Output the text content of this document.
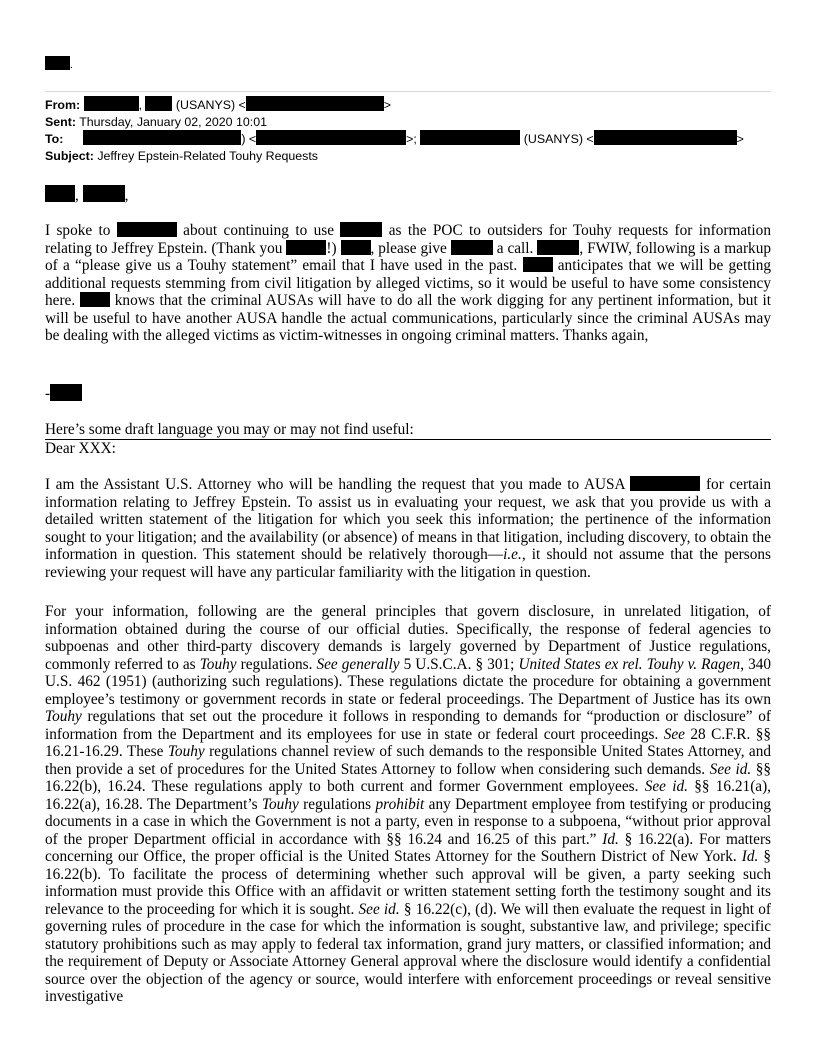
.
From:	,  (USANYS) <	>
Sent: Thursday, January 02, 2020 10:01
To:	) <	>;	(USANYS) <	>
Subject: Jeffrey Epstein-Related Touhy Requests
,	,
I spoke to	about continuing to use	as the POC to outsiders for Touhy requests for information relating to Jeffrey Epstein. (Thank you	!) , please give	a call.	, FWIW, following is a markup of a “please give us a Touhy statement” email that I have used in the past.	anticipates that we will be getting additional requests stemming from civil litigation by alleged victims, so it would be useful to have some consistency here.	knows that the criminal AUSAs will have to do all the work digging for any pertinent information, but it will be useful to have another AUSA handle the actual communications, particularly since the criminal AUSAs may be dealing with the alleged victims as victim-witnesses in ongoing criminal matters. Thanks again,
-
Here’s some draft language you may or may not find useful:
Dear XXX:
I am the Assistant U.S. Attorney who will be handling the request that you made to AUSA	for certain information relating to Jeffrey Epstein. To assist us in evaluating your request, we ask that you provide us with a detailed written statement of the litigation for which you seek this information; the pertinence of the information sought to your litigation; and the availability (or absence) of means in that litigation, including discovery, to obtain the information in question. This statement should be relatively thorough—i.e., it should not assume that the persons reviewing your request will have any particular familiarity with the litigation in question.
For your information, following are the general principles that govern disclosure, in unrelated litigation, of information obtained during the course of our official duties. Specifically, the response of federal agencies to subpoenas and other third-party discovery demands is largely governed by Department of Justice regulations, commonly referred to as Touhy regulations. See generally 5 U.S.C.A. § 301; United States ex rel. Touhy v. Ragen, 340 U.S. 462 (1951) (authorizing such regulations). These regulations dictate the procedure for obtaining a government employee’s testimony or government records in state or federal proceedings. The Department of Justice has its own Touhy regulations that set out the procedure it follows in responding to demands for “production or disclosure” of information from the Department and its employees for use in state or federal court proceedings. See 28 C.F.R. §§ 16.21-16.29. These Touhy regulations channel review of such demands to the responsible United States Attorney, and then provide a set of procedures for the United States Attorney to follow when considering such demands. See id. §§ 16.22(b), 16.24. These regulations apply to both current and former Government employees. See id. §§ 16.21(a), 16.22(a), 16.28. The Department’s Touhy regulations prohibit any Department employee from testifying or producing documents in a case in which the Government is not a party, even in response to a subpoena, “without prior approval of the proper Department official in accordance with §§ 16.24 and 16.25 of this part.” Id. § 16.22(a). For matters concerning our Office, the proper official is the United States Attorney for the Southern District of New York. Id. § 16.22(b). To facilitate the process of determining whether such approval will be given, a party seeking such information must provide this Office with an affidavit or written statement setting forth the testimony sought and its relevance to the proceeding for which it is sought. See id. § 16.22(c), (d). We will then evaluate the request in light of governing rules of procedure in the case for which the information is sought, substantive law, and privilege; specific statutory prohibitions such as may apply to federal tax information, grand jury matters, or classified information; and the requirement of Deputy or Associate Attorney General approval where the disclosure would identify a confidential source over the objection of the agency or source, would interfere with enforcement proceedings or reveal sensitive investigative
